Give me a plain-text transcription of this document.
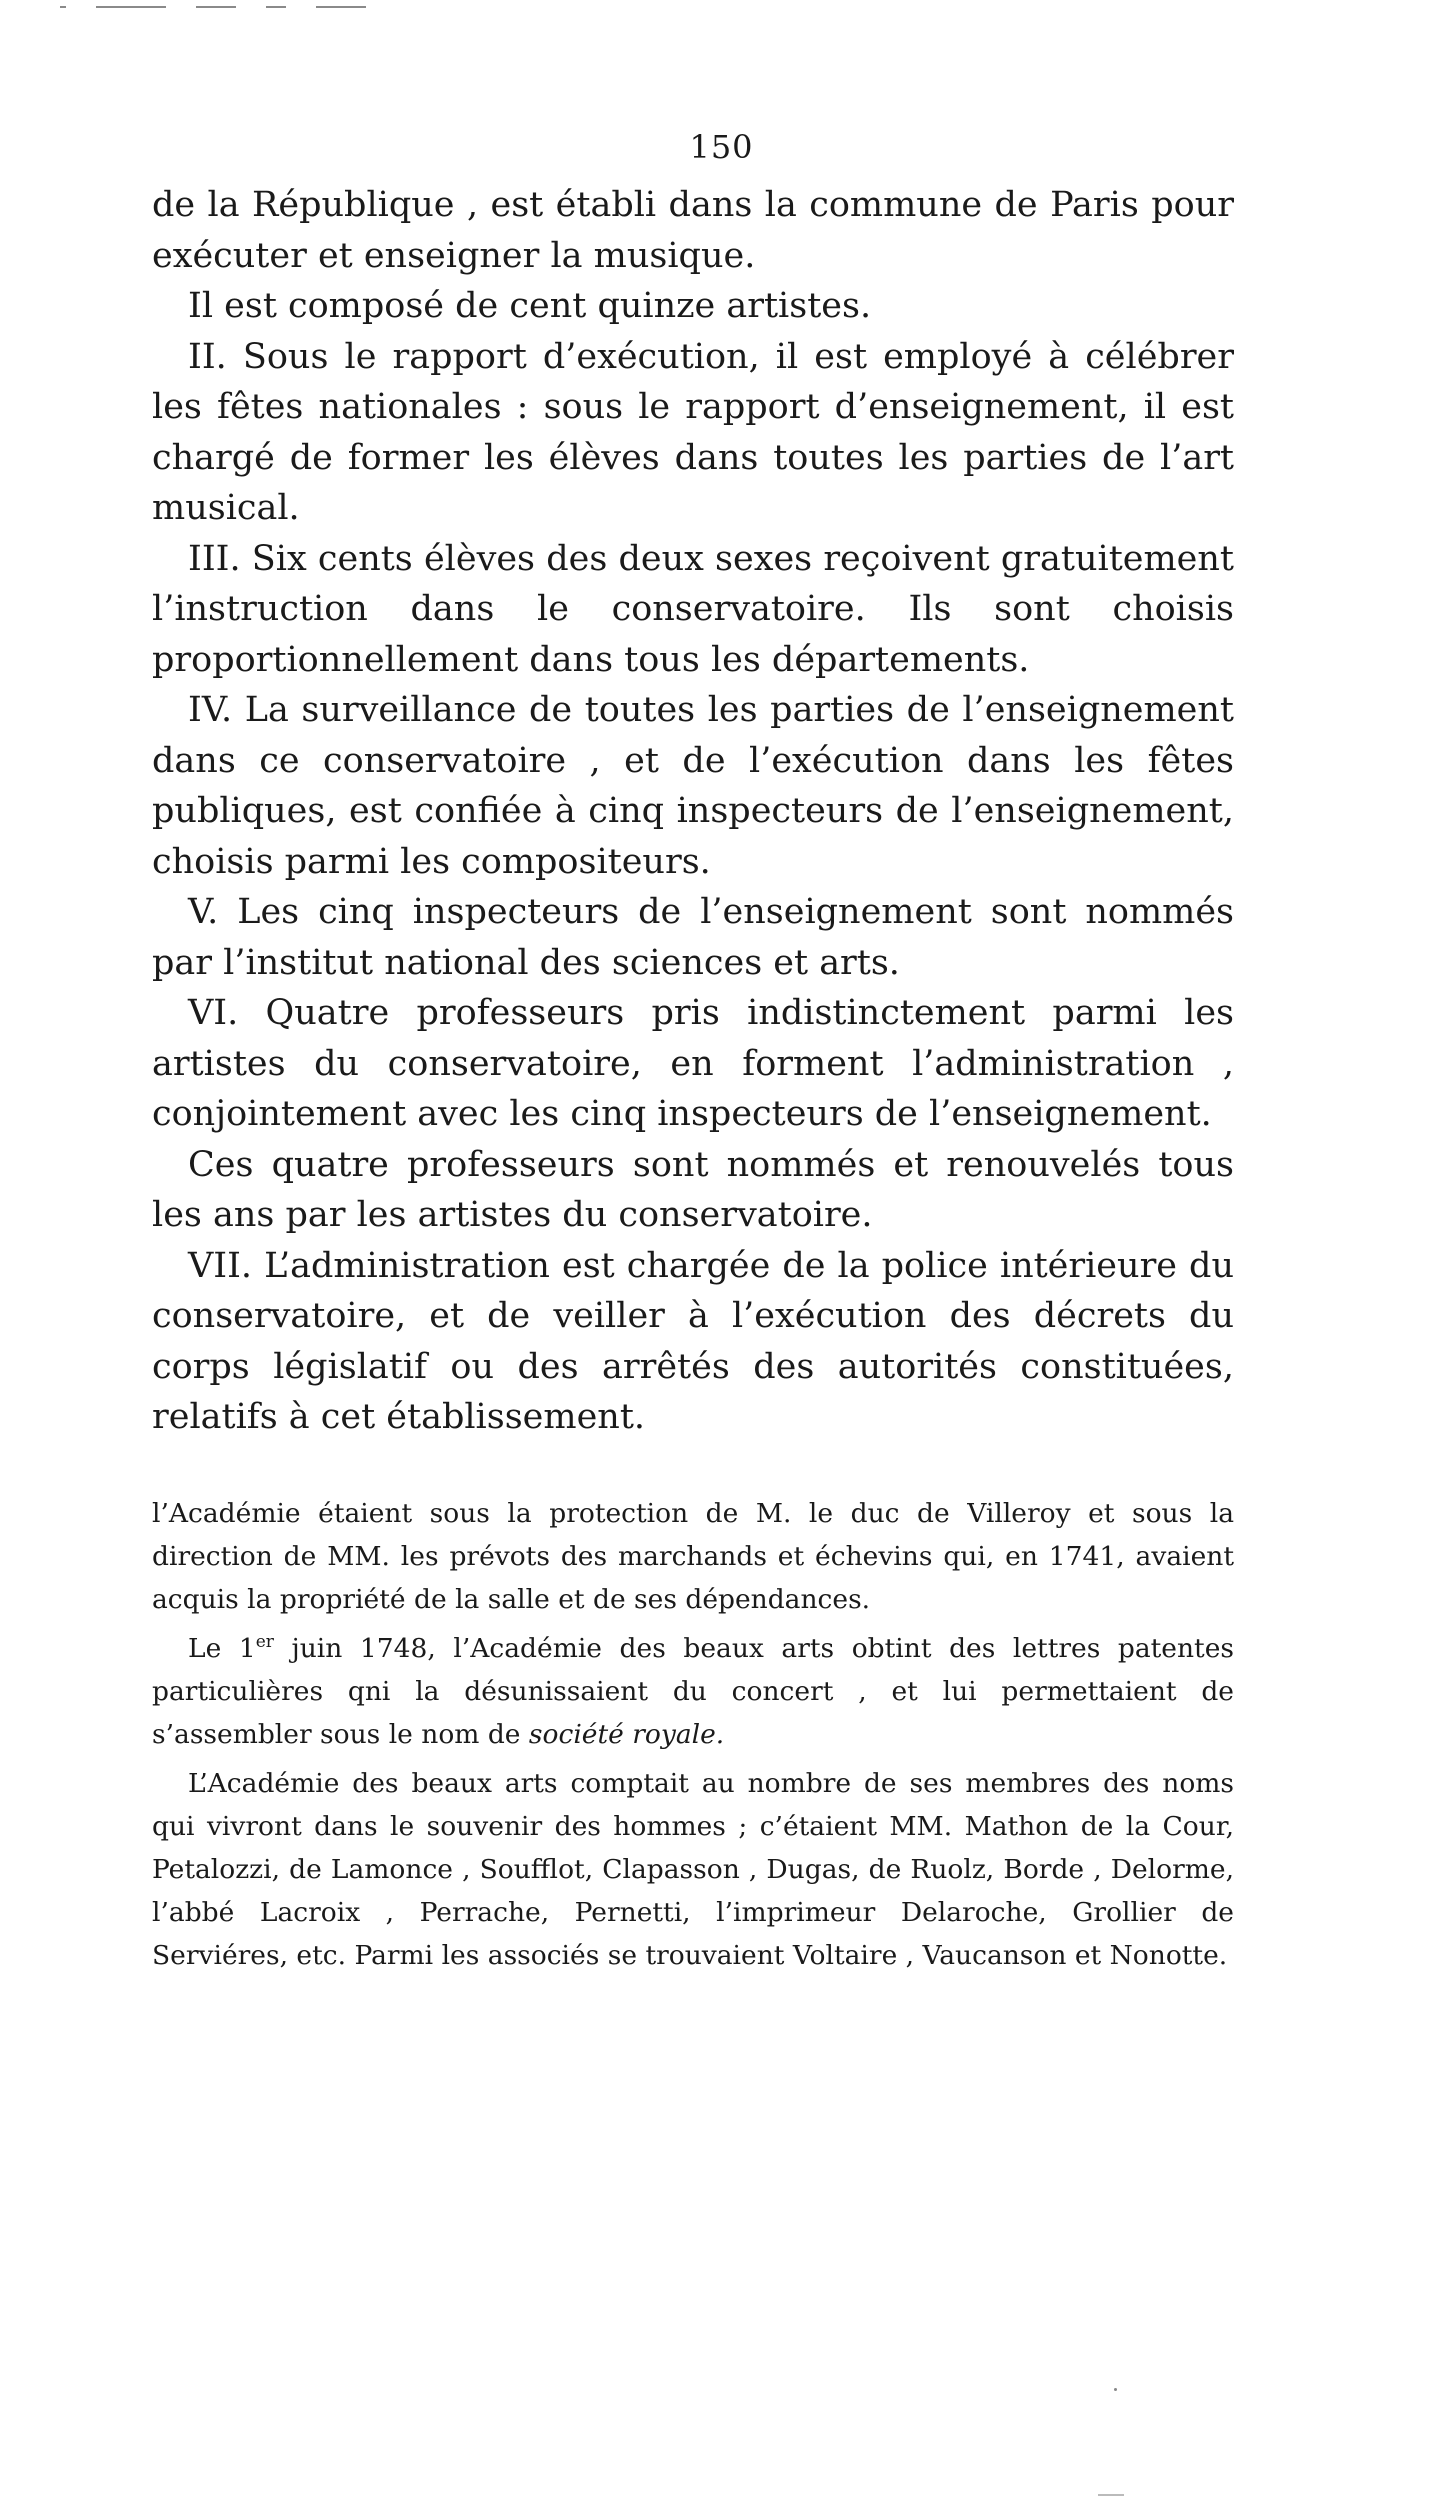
150

de la République , est établi dans la commune de Paris pour exécuter et enseigner la musique.

Il est composé de cent quinze artistes.

II. Sous le rapport d’exécution, il est employé à célébrer les fêtes nationales : sous le rapport d’enseignement, il est chargé de former les élèves dans toutes les parties de l’art musical.

III. Six cents élèves des deux sexes reçoivent gratuitement l’instruction dans le conservatoire. Ils sont choisis proportionnellement dans tous les départements.

IV. La surveillance de toutes les parties de l’enseignement dans ce conservatoire , et de l’exécution dans les fêtes publiques, est confiée à cinq inspecteurs de l’enseignement, choisis parmi les compositeurs.

V. Les cinq inspecteurs de l’enseignement sont nommés par l’institut national des sciences et arts.

VI. Quatre professeurs pris indistinctement parmi les artistes du conservatoire, en forment l’administration , conjointement avec les cinq inspecteurs de l’enseignement.

Ces quatre professeurs sont nommés et renouvelés tous les ans par les artistes du conservatoire.

VII. L’administration est chargée de la police intérieure du conservatoire, et de veiller à l’exécution des décrets du corps législatif ou des arrêtés des autorités constituées, relatifs à cet établissement.

l’Académie étaient sous la protection de M. le duc de Villeroy et sous la direction de MM. les prévots des marchands et échevins qui, en 1741, avaient acquis la propriété de la salle et de ses dépendances.

Le 1er juin 1748, l’Académie des beaux arts obtint des lettres patentes particulières qni la désunissaient du concert , et lui permettaient de s’assembler sous le nom de société royale.

L’Académie des beaux arts comptait au nombre de ses membres des noms qui vivront dans le souvenir des hommes ; c’étaient MM. Mathon de la Cour, Petalozzi, de Lamonce , Soufflot, Clapasson , Dugas, de Ruolz, Borde , Delorme, l’abbé Lacroix , Perrache, Pernetti, l’imprimeur Delaroche, Grollier de Serviéres, etc. Parmi les associés se trouvaient Voltaire , Vaucanson et Nonotte.
